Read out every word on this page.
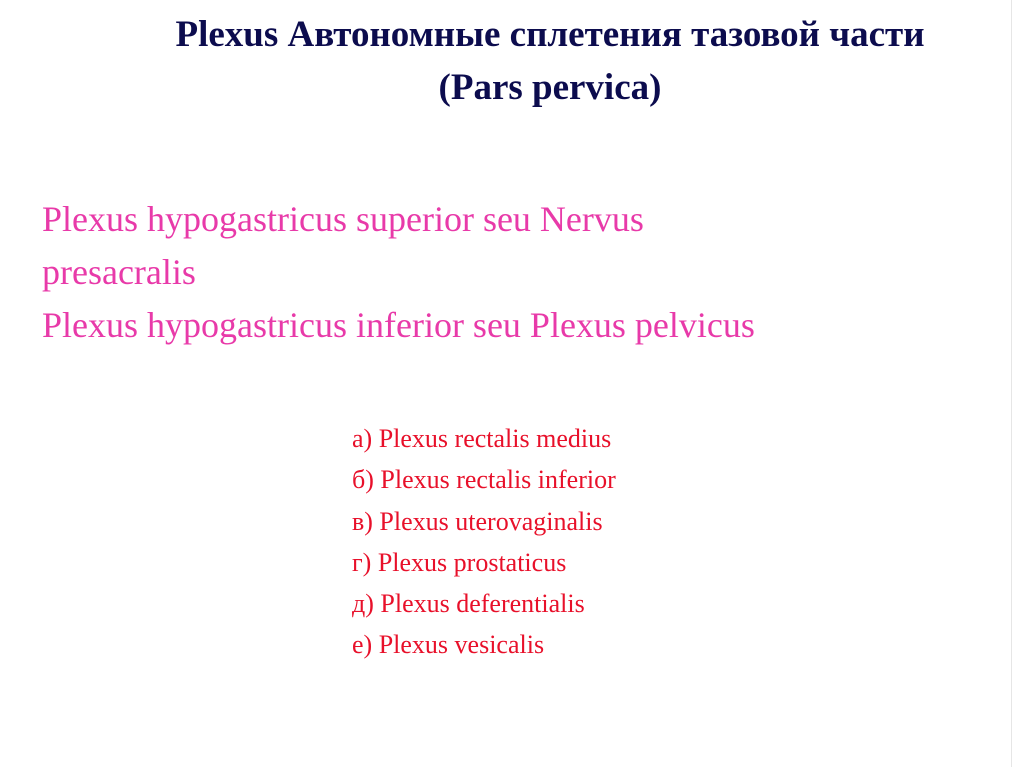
Plexus Автономные сплетения тазовой части
(Pars pervica)
Plexus hypogastricus superior seu Nervus
presacralis
Plexus hypogastricus inferior seu Plexus pelvicus
а) Plexus rectalis medius
б) Plexus rectalis inferior
в) Plexus uterovaginalis
г) Plexus prostaticus
д) Plexus deferentialis
е) Plexus vesicalis
